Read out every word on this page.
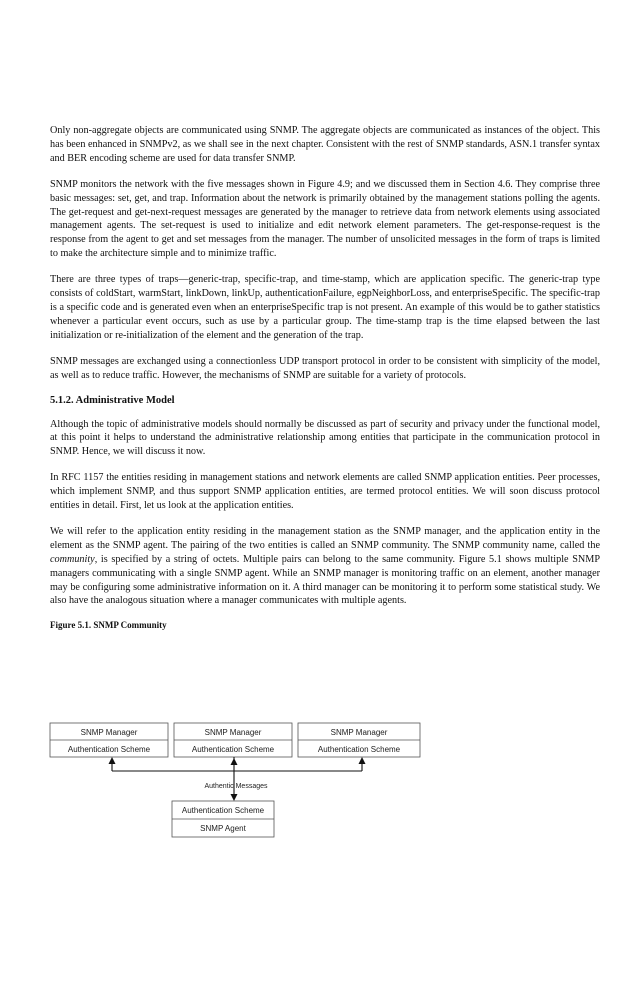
Only non-aggregate objects are communicated using SNMP. The aggregate objects are communicated as instances of the object. This has been enhanced in SNMPv2, as we shall see in the next chapter. Consistent with the rest of SNMP standards, ASN.1 transfer syntax and BER encoding scheme are used for data transfer SNMP.

SNMP monitors the network with the five messages shown in Figure 4.9; and we discussed them in Section 4.6. They comprise three basic messages: set, get, and trap. Information about the network is primarily obtained by the management stations polling the agents. The get-request and get-next-request messages are generated by the manager to retrieve data from network elements using associated management agents. The set-request is used to initialize and edit network element parameters. The get-response-request is the response from the agent to get and set messages from the manager. The number of unsolicited messages in the form of traps is limited to make the architecture simple and to minimize traffic.

There are three types of traps—generic-trap, specific-trap, and time-stamp, which are application specific. The generic-trap type consists of coldStart, warmStart, linkDown, linkUp, authenticationFailure, egpNeighborLoss, and enterpriseSpecific. The specific-trap is a specific code and is generated even when an enterpriseSpecific trap is not present. An example of this would be to gather statistics whenever a particular event occurs, such as use by a particular group. The time-stamp trap is the time elapsed between the last initialization or re-initialization of the element and the generation of the trap.

SNMP messages are exchanged using a connectionless UDP transport protocol in order to be consistent with simplicity of the model, as well as to reduce traffic. However, the mechanisms of SNMP are suitable for a variety of protocols.

5.1.2. Administrative Model

Although the topic of administrative models should normally be discussed as part of security and privacy under the functional model, at this point it helps to understand the administrative relationship among entities that participate in the communication protocol in SNMP. Hence, we will discuss it now.

In RFC 1157 the entities residing in management stations and network elements are called SNMP application entities. Peer processes, which implement SNMP, and thus support SNMP application entities, are termed protocol entities. We will soon discuss protocol entities in detail. First, let us look at the application entities.

We will refer to the application entity residing in the management station as the SNMP manager, and the application entity in the element as the SNMP agent. The pairing of the two entities is called an SNMP community. The SNMP community name, called the community, is specified by a string of octets. Multiple pairs can belong to the same community. Figure 5.1 shows multiple SNMP managers communicating with a single SNMP agent. While an SNMP manager is monitoring traffic on an element, another manager may be configuring some administrative information on it. A third manager can be monitoring it to perform some statistical study. We also have the analogous situation where a manager communicates with multiple agents.

Figure 5.1. SNMP Community
SNMP Manager
Authentication Scheme
SNMP Manager
Authentication Scheme
SNMP Manager
Authentication Scheme
Authentic Messages
Authentication Scheme
SNMP Agent
